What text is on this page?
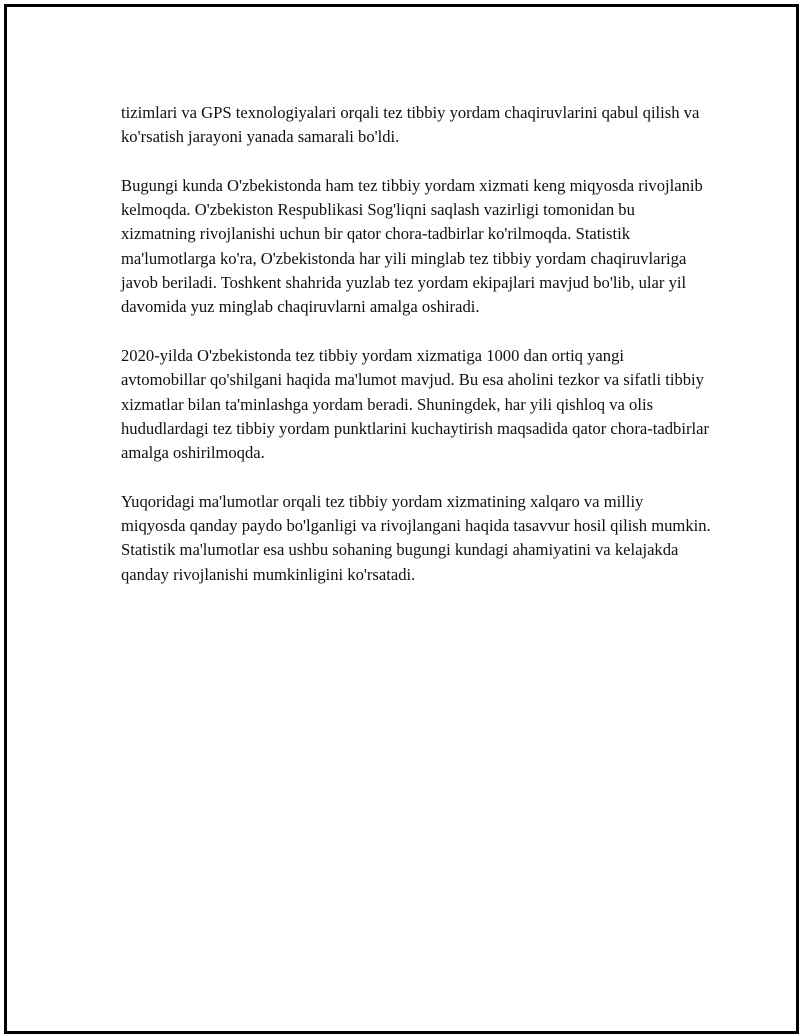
tizimlari va GPS texnologiyalari orqali tez tibbiy yordam chaqiruvlarini qabul qilish va ko'rsatish jarayoni yanada samarali bo'ldi.

Bugungi kunda O'zbekistonda ham tez tibbiy yordam xizmati keng miqyosda rivojlanib kelmoqda. O'zbekiston Respublikasi Sog'liqni saqlash vazirligi tomonidan bu xizmatning rivojlanishi uchun bir qator chora-tadbirlar ko'rilmoqda. Statistik ma'lumotlarga ko'ra, O'zbekistonda har yili minglab tez tibbiy yordam chaqiruvlariga javob beriladi. Toshkent shahrida yuzlab tez yordam ekipajlari mavjud bo'lib, ular yil davomida yuz minglab chaqiruvlarni amalga oshiradi.

2020-yilda O'zbekistonda tez tibbiy yordam xizmatiga 1000 dan ortiq yangi avtomobillar qo'shilgani haqida ma'lumot mavjud. Bu esa aholini tezkor va sifatli tibbiy xizmatlar bilan ta'minlashga yordam beradi. Shuningdek, har yili qishloq va olis hududlardagi tez tibbiy yordam punktlarini kuchaytirish maqsadida qator chora-tadbirlar amalga oshirilmoqda.

Yuqoridagi ma'lumotlar orqali tez tibbiy yordam xizmatining xalqaro va milliy miqyosda qanday paydo bo'lganligi va rivojlangani haqida tasavvur hosil qilish mumkin. Statistik ma'lumotlar esa ushbu sohaning bugungi kundagi ahamiyatini va kelajakda qanday rivojlanishi mumkinligini ko'rsatadi.
